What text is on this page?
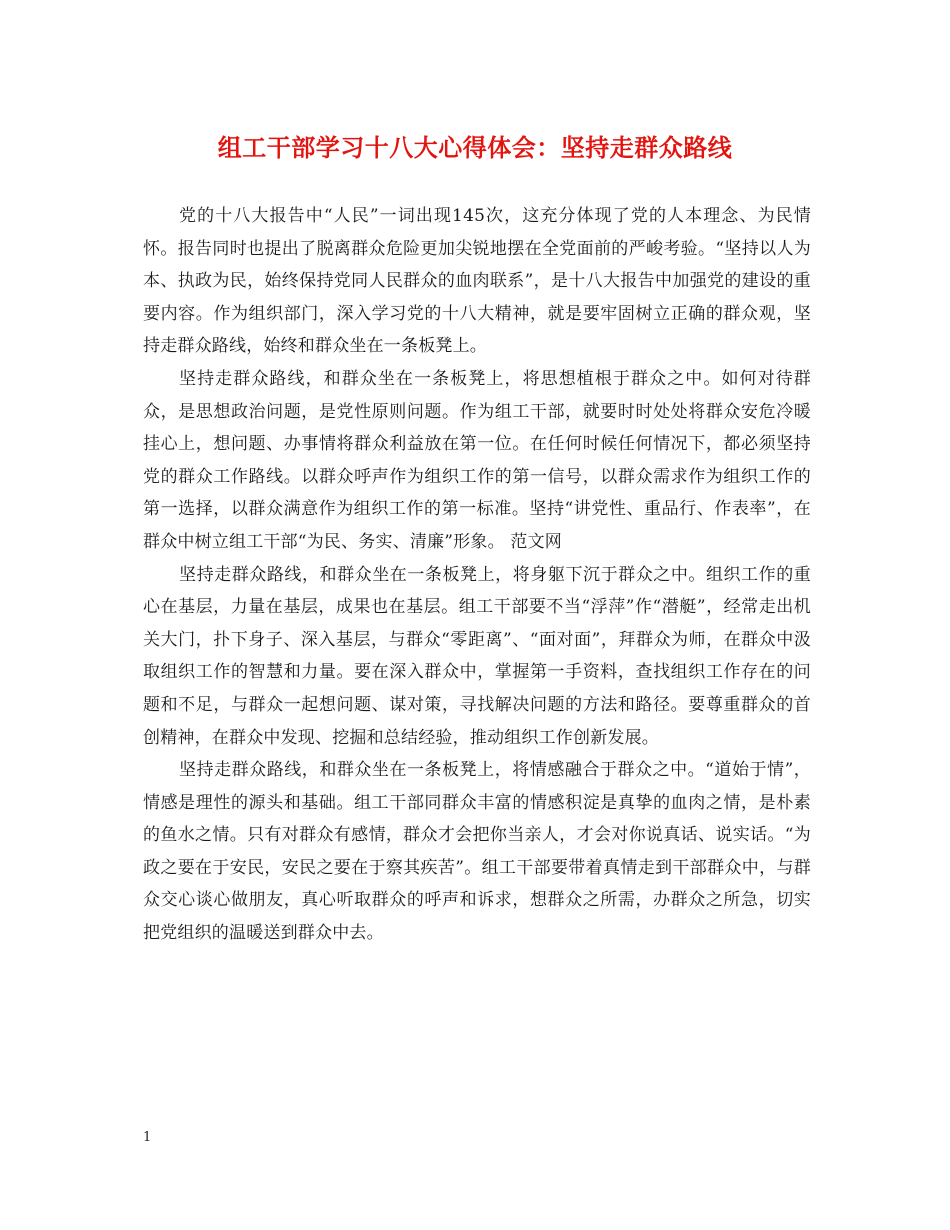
组工干部学习十八大心得体会：坚持走群众路线

党的十八大报告中“人民”一词出现145次，这充分体现了党的人本理念、为民情怀。报告同时也提出了脱离群众危险更加尖锐地摆在全党面前的严峻考验。“坚持以人为本、执政为民，始终保持党同人民群众的血肉联系”，是十八大报告中加强党的建设的重要内容。作为组织部门，深入学习党的十八大精神，就是要牢固树立正确的群众观，坚持走群众路线，始终和群众坐在一条板凳上。

坚持走群众路线，和群众坐在一条板凳上，将思想植根于群众之中。如何对待群众，是思想政治问题，是党性原则问题。作为组工干部，就要时时处处将群众安危冷暖挂心上，想问题、办事情将群众利益放在第一位。在任何时候任何情况下，都必须坚持党的群众工作路线。以群众呼声作为组织工作的第一信号，以群众需求作为组织工作的第一选择，以群众满意作为组织工作的第一标准。坚持“讲党性、重品行、作表率”，在群众中树立组工干部“为民、务实、清廉”形象。 范文网

坚持走群众路线，和群众坐在一条板凳上，将身躯下沉于群众之中。组织工作的重心在基层，力量在基层，成果也在基层。组工干部要不当“浮萍”作“潜艇”，经常走出机关大门，扑下身子、深入基层，与群众“零距离”、“面对面”，拜群众为师，在群众中汲取组织工作的智慧和力量。要在深入群众中，掌握第一手资料，查找组织工作存在的问题和不足，与群众一起想问题、谋对策，寻找解决问题的方法和路径。要尊重群众的首创精神，在群众中发现、挖掘和总结经验，推动组织工作创新发展。

坚持走群众路线，和群众坐在一条板凳上，将情感融合于群众之中。“道始于情”，情感是理性的源头和基础。组工干部同群众丰富的情感积淀是真挚的血肉之情，是朴素的鱼水之情。只有对群众有感情，群众才会把你当亲人，才会对你说真话、说实话。“为政之要在于安民，安民之要在于察其疾苦”。组工干部要带着真情走到干部群众中，与群众交心谈心做朋友，真心听取群众的呼声和诉求，想群众之所需，办群众之所急，切实把党组织的温暖送到群众中去。

1
